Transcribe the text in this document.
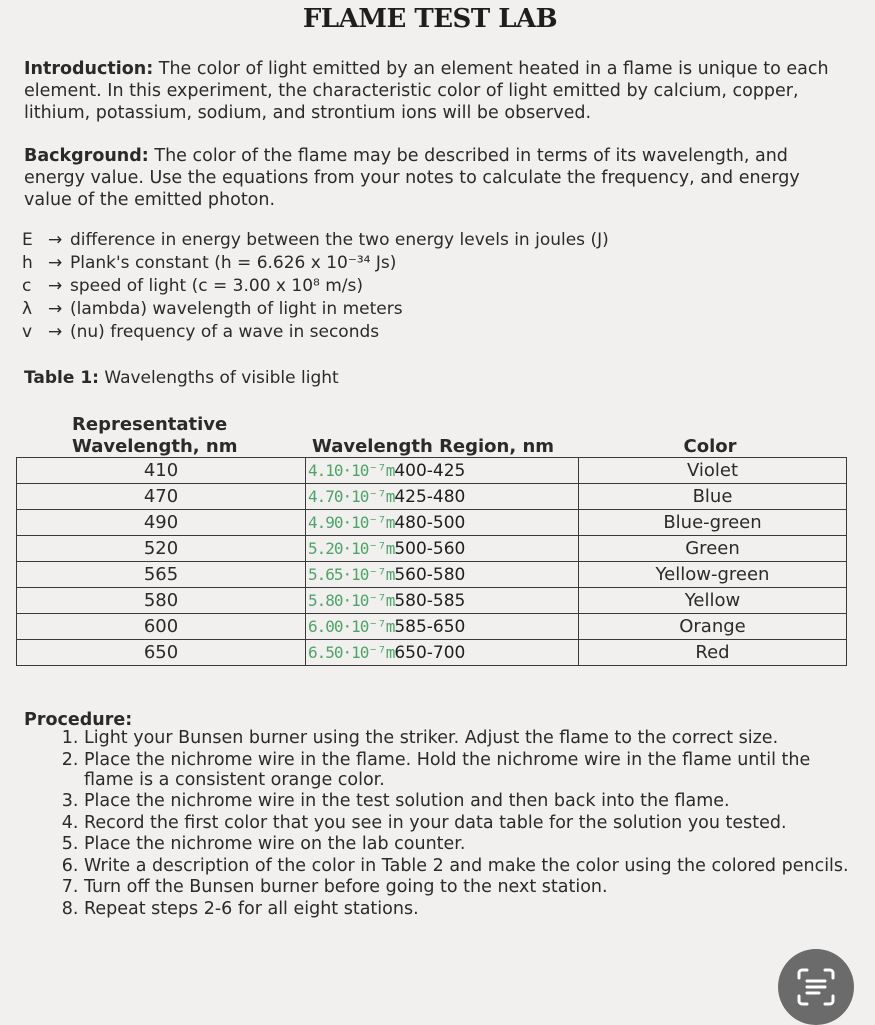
FLAME TEST LAB
Introduction: The color of light emitted by an element heated in a flame is unique to each element. In this experiment, the characteristic color of light emitted by calcium, copper, lithium, potassium, sodium, and strontium ions will be observed.
Background: The color of the flame may be described in terms of its wavelength, and energy value. Use the equations from your notes to calculate the frequency, and energy value of the emitted photon.
E → difference in energy between the two energy levels in joules (J)
h → Plank's constant (h = 6.626 x 10⁻³⁴ Js)
c → speed of light (c = 3.00 x 10⁸ m/s)
λ → (lambda) wavelength of light in meters
v → (nu) frequency of a wave in seconds
Table 1: Wavelengths of visible light
Representative Wavelength, nm	Wavelength Region, nm	Color
410	4.10·10⁻⁷m400-425	Violet
470	4.70·10⁻⁷m425-480	Blue
490	4.90·10⁻⁷m480-500	Blue-green
520	5.20·10⁻⁷m500-560	Green
565	5.65·10⁻⁷m560-580	Yellow-green
580	5.80·10⁻⁷m580-585	Yellow
600	6.00·10⁻⁷m585-650	Orange
650	6.50·10⁻⁷m650-700	Red
Procedure:
1. Light your Bunsen burner using the striker. Adjust the flame to the correct size.
2. Place the nichrome wire in the flame. Hold the nichrome wire in the flame until the flame is a consistent orange color.
3. Place the nichrome wire in the test solution and then back into the flame.
4. Record the first color that you see in your data table for the solution you tested.
5. Place the nichrome wire on the lab counter.
6. Write a description of the color in Table 2 and make the color using the colored pencils.
7. Turn off the Bunsen burner before going to the next station.
8. Repeat steps 2-6 for all eight stations.
